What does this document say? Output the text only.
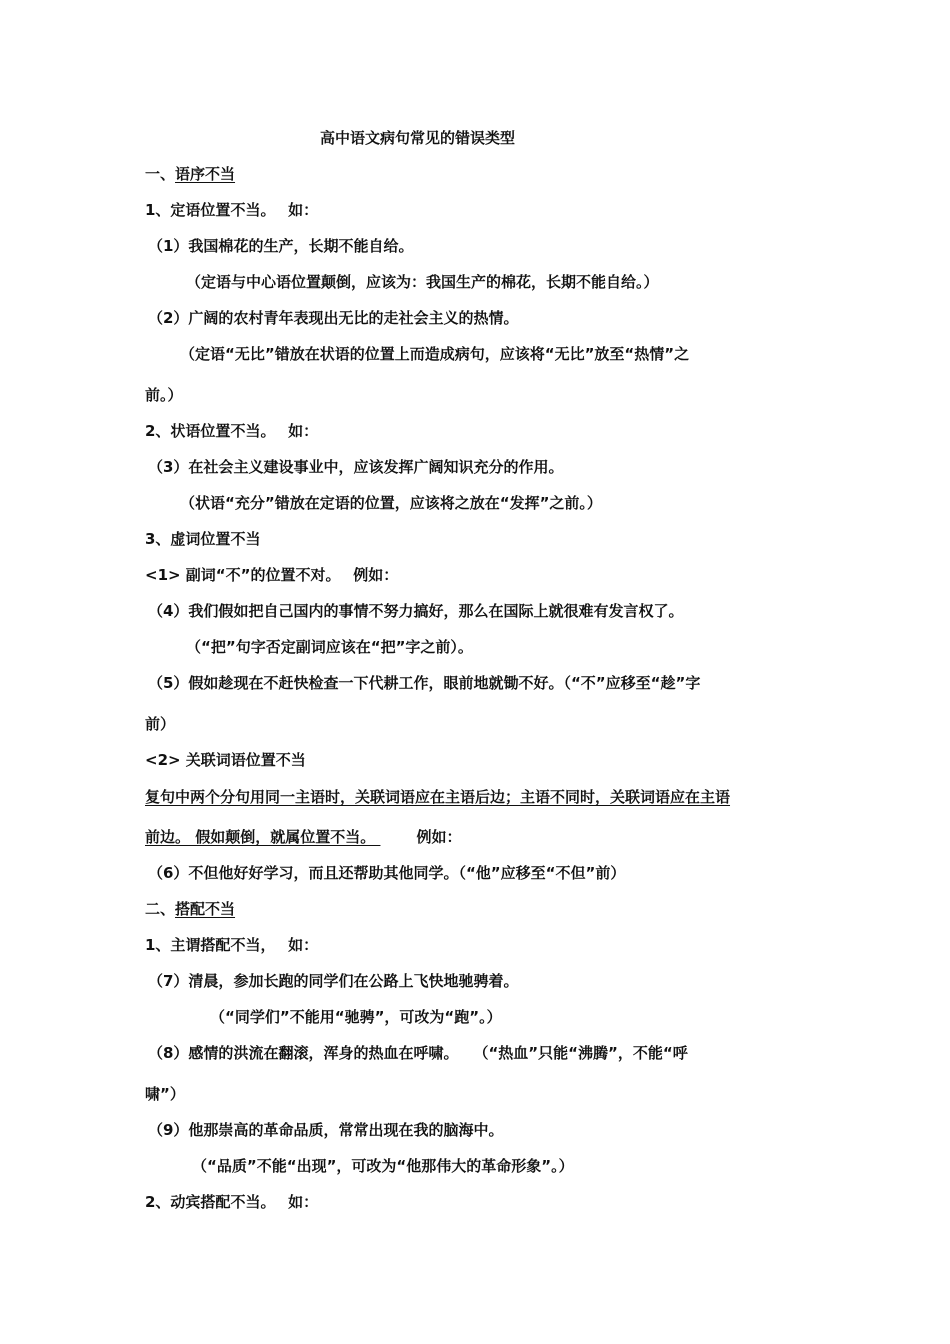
高中语文病句常见的错误类型
一、语序不当
1、定语位置不当。　 如：
（1）我国棉花的生产，长期不能自给。
（定语与中心语位置颠倒，应该为：我国生产的棉花，长期不能自给。）
（2）广阔的农村青年表现出无比的走社会主义的热情。
（定语“无比”错放在状语的位置上而造成病句，应该将“无比”放至“热情”之
前。）
2、状语位置不当。　 如：
（3）在社会主义建设事业中，应该发挥广阔知识充分的作用。
（状语“充分”错放在定语的位置，应该将之放在“发挥”之前。）
3、虚词位置不当
<1> 副词“不”的位置不对。　 例如：
（4）我们假如把自己国内的事情不努力搞好，那么在国际上就很难有发言权了。
（“把”句字否定副词应该在“把”字之前）。
（5）假如趁现在不赶快检查一下代耕工作，眼前地就锄不好。（“不”应移至“趁”字
前）
<2> 关联词语位置不当
复句中两个分句用同一主语时，关联词语应在主语后边；主语不同时，关联词语应在主语
前边。 假如颠倒，就属位置不当。 例如：
（6）不但他好好学习，而且还帮助其他同学。（“他”应移至“不但”前）
二、搭配不当
1、主谓搭配不当，　 如：
（7）清晨，参加长跑的同学们在公路上飞快地驰骋着。
（“同学们”不能用“驰骋”，可改为“跑”。）
（8）感情的洪流在翻滚，浑身的热血在呼啸。　　（“热血”只能“沸腾”，不能“呼
啸”）
（9）他那崇高的革命品质，常常出现在我的脑海中。
（“品质”不能“出现”，可改为“他那伟大的革命形象”。）
2、动宾搭配不当。　 如：
